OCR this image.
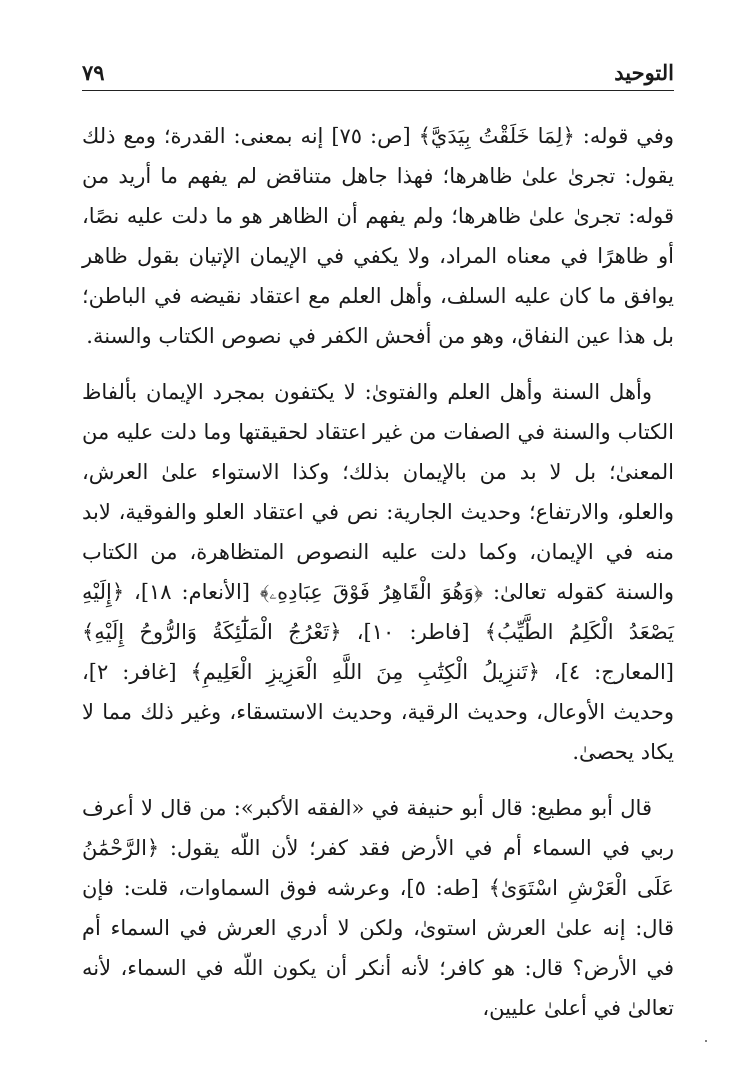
التوحيد
٧٩

وفي قوله: ﴿لِمَا خَلَقْتُ بِيَدَيَّ﴾ [ص: ٧٥] إنه بمعنى: القدرة؛ ومع ذلك يقول: تجرىٰ علىٰ ظاهرها؛ فهذا جاهل متناقض لم يفهم ما أريد من قوله: تجرىٰ علىٰ ظاهرها؛ ولم يفهم أن الظاهر هو ما دلت عليه نصًا، أو ظاهرًا في معناه المراد، ولا يكفي في الإيمان الإتيان بقول ظاهر يوافق ما كان عليه السلف، وأهل العلم مع اعتقاد نقيضه في الباطن؛ بل هذا عين النفاق، وهو من أفحش الكفر في نصوص الكتاب والسنة.

وأهل السنة وأهل العلم والفتوىٰ: لا يكتفون بمجرد الإيمان بألفاظ الكتاب والسنة في الصفات من غير اعتقاد لحقيقتها وما دلت عليه من المعنىٰ؛ بل لا بد من بالإيمان بذلك؛ وكذا الاستواء علىٰ العرش، والعلو، والارتفاع؛ وحديث الجارية: نص في اعتقاد العلو والفوقية، لابد منه في الإيمان، وكما دلت عليه النصوص المتظاهرة، من الكتاب والسنة كقوله تعالىٰ: ﴿وَهُوَ الْقَاهِرُ فَوْقَ عِبَادِهِۦ﴾ [الأنعام: ١٨]، ﴿إِلَيْهِ يَصْعَدُ الْكَلِمُ الطَّيِّبُ﴾ [فاطر: ١٠]، ﴿تَعْرُجُ الْمَلَٰٓئِكَةُ وَالرُّوحُ إِلَيْهِ﴾ [المعارج: ٤]، ﴿تَنزِيلُ الْكِتَٰبِ مِنَ اللَّهِ الْعَزِيزِ الْعَلِيمِ﴾ [غافر: ٢]، وحديث الأوعال، وحديث الرقية، وحديث الاستسقاء، وغير ذلك مما لا يكاد يحصىٰ.

قال أبو مطيع: قال أبو حنيفة في «الفقه الأكبر»: من قال لا أعرف ربي في السماء أم في الأرض فقد كفر؛ لأن اللّه يقول: ﴿الرَّحْمَٰنُ عَلَى الْعَرْشِ اسْتَوَىٰ﴾ [طه: ٥]، وعرشه فوق السماوات، قلت: فإن قال: إنه علىٰ العرش استوىٰ، ولكن لا أدري العرش في السماء أم في الأرض؟ قال: هو كافر؛ لأنه أنكر أن يكون اللّه في السماء، لأنه تعالىٰ في أعلىٰ عليين،
